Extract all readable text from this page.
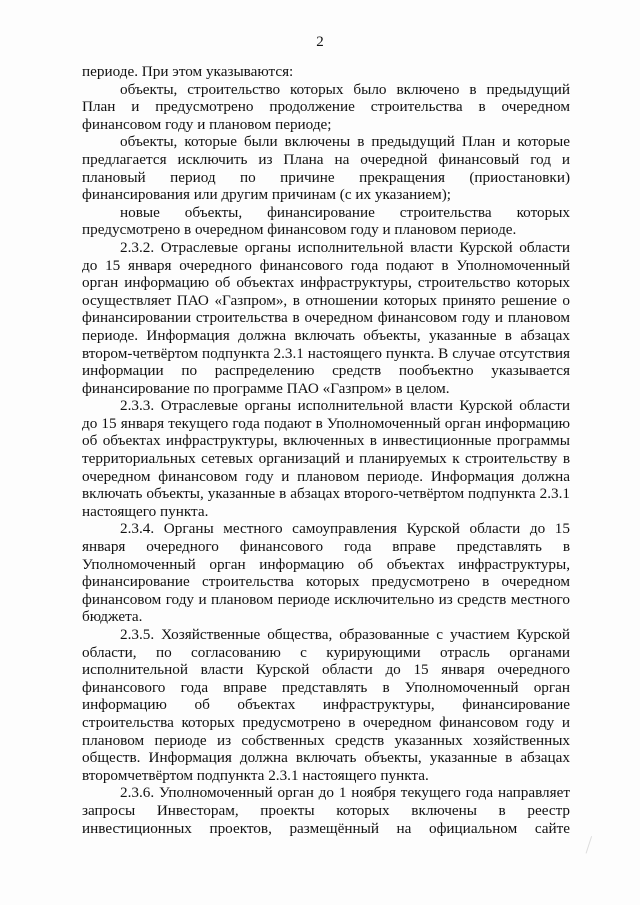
2

периоде. При этом указываются:

объекты, строительство которых было включено в предыдущий План и предусмотрено продолжение строительства в очередном финансовом году и плановом периоде;

объекты, которые были включены в предыдущий План и которые предлагается исключить из Плана на очередной финансовый год и плановый период по причине прекращения (приостановки) финансирования или другим причинам (с их указанием);

новые объекты, финансирование строительства которых предусмотрено в очередном финансовом году и плановом периоде.

2.3.2. Отраслевые органы исполнительной власти Курской области до 15 января очередного финансового года подают в Уполномоченный орган информацию об объектах инфраструктуры, строительство которых осуществляет ПАО «Газпром», в отношении которых принято решение о финансировании строительства в очередном финансовом году и плановом периоде. Информация должна включать объекты, указанные в абзацах втором-четвёртом подпункта 2.3.1 настоящего пункта. В случае отсутствия информации по распределению средств пообъектно указывается финансирование по программе ПАО «Газпром» в целом.

2.3.3. Отраслевые органы исполнительной власти Курской области до 15 января текущего года подают в Уполномоченный орган информацию об объектах инфраструктуры, включенных в инвестиционные программы территориальных сетевых организаций и планируемых к строительству в очередном финансовом году и плановом периоде. Информация должна включать объекты, указанные в абзацах второго-четвёртом подпункта 2.3.1 настоящего пункта.

2.3.4. Органы местного самоуправления Курской области до 15 января очередного финансового года вправе представлять в Уполномоченный орган информацию об объектах инфраструктуры, финансирование строительства которых предусмотрено в очередном финансовом году и плановом периоде исключительно из средств местного бюджета.

2.3.5. Хозяйственные общества, образованные с участием Курской области, по согласованию с курирующими отрасль органами исполнительной власти Курской области до 15 января очередного финансового года вправе представлять в Уполномоченный орган информацию об объектах инфраструктуры, финансирование строительства которых предусмотрено в очередном финансовом году и плановом периоде из собственных средств указанных хозяйственных обществ. Информация должна включать объекты, указанные в абзацах второмчетвёртом подпункта 2.3.1 настоящего пункта.

2.3.6. Уполномоченный орган до 1 ноября текущего года направляет запросы Инвесторам, проекты которых включены в реестр инвестиционных проектов, размещённый на официальном сайте
